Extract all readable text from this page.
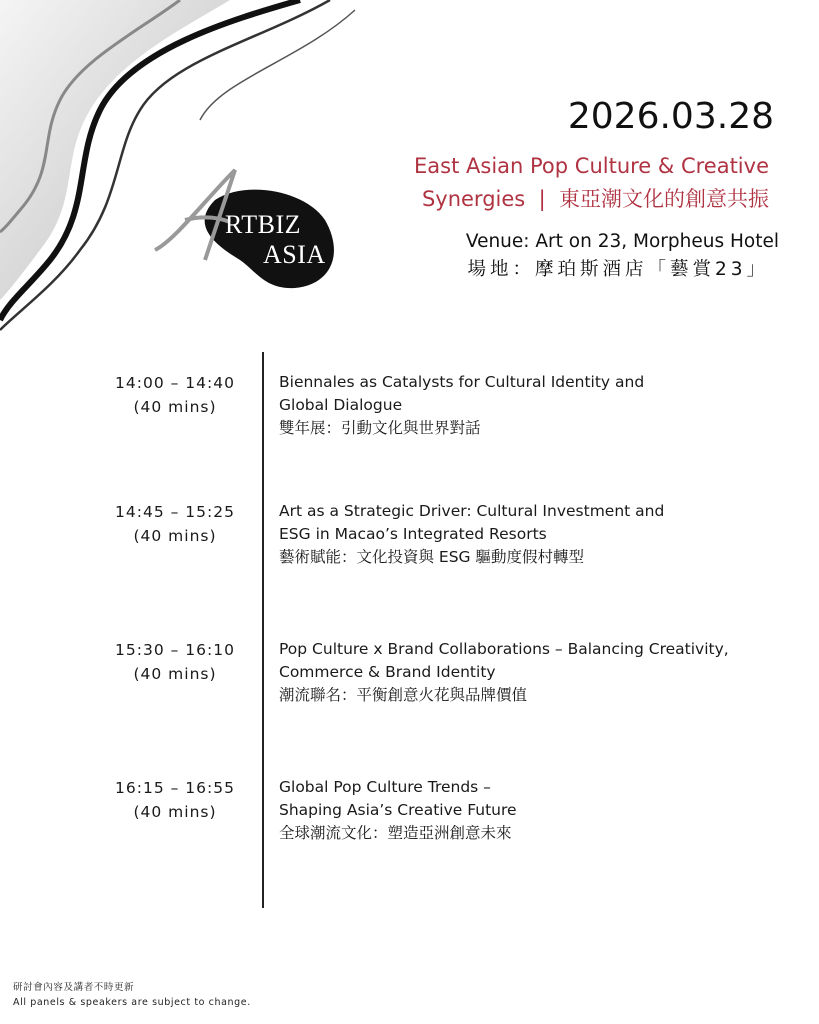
RTBIZ
ASIA
2026.03.28
East Asian Pop Culture & Creative
Synergies  |  東亞潮文化的創意共振
Venue: Art on 23, Morpheus Hotel
場地：摩珀斯酒店「藝賞23」
14:00 – 14:40
(40 mins)
Biennales as Catalysts for Cultural Identity and Global Dialogue
雙年展：引動文化與世界對話
14:45 – 15:25
(40 mins)
Art as a Strategic Driver: Cultural Investment and ESG in Macao’s Integrated Resorts
藝術賦能：文化投資與 ESG 驅動度假村轉型
15:30 – 16:10
(40 mins)
Pop Culture x Brand Collaborations – Balancing Creativity, Commerce & Brand Identity
潮流聯名：平衡創意火花與品牌價值
16:15 – 16:55
(40 mins)
Global Pop Culture Trends – Shaping Asia’s Creative Future
全球潮流文化：塑造亞洲創意未來
研討會內容及講者不時更新
All panels & speakers are subject to change.
